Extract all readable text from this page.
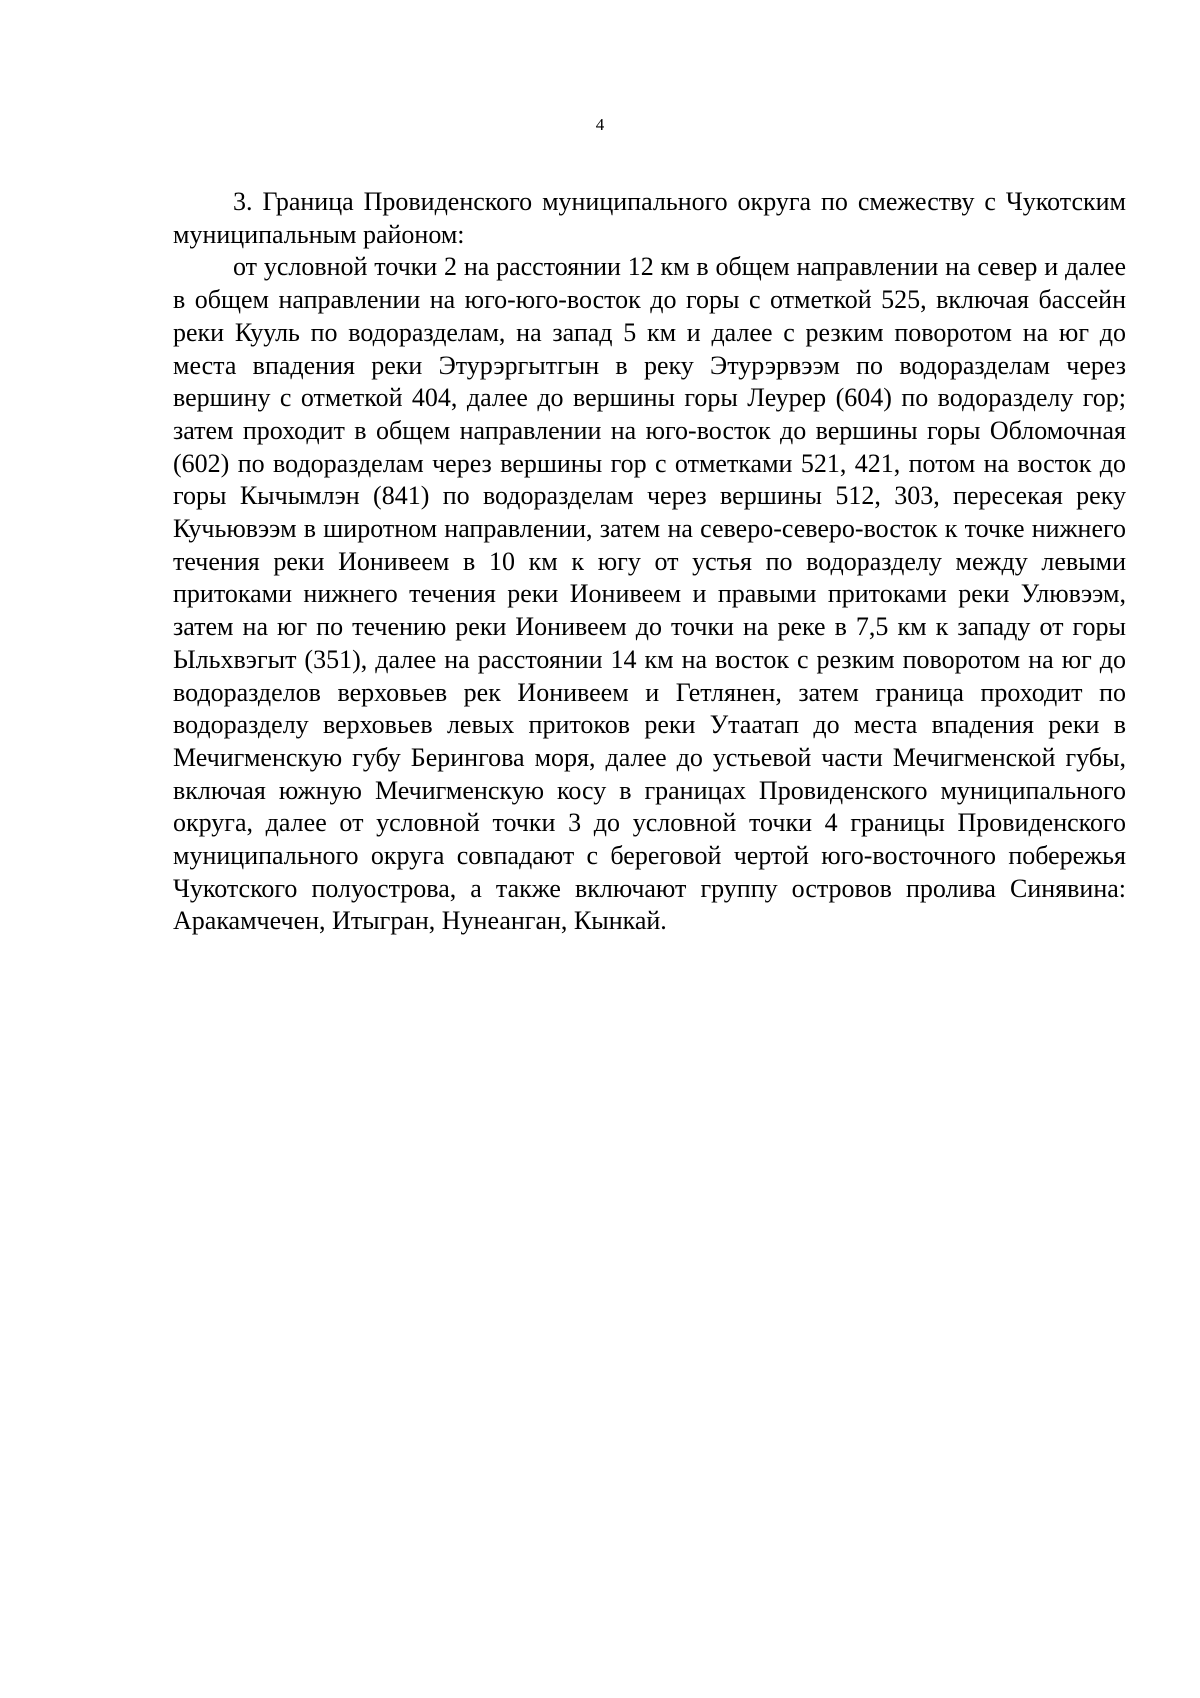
4

3. Граница Провиденского муниципального округа по смежеству с Чукотским муниципальным районом:

от условной точки 2 на расстоянии 12 км в общем направлении на север и далее в общем направлении на юго-юго-восток до горы с отметкой 525, включая бассейн реки Кууль по водоразделам, на запад 5 км и далее с резким поворотом на юг до места впадения реки Этурэргытгын в реку Этурэрвээм по водоразделам через вершину с отметкой 404, далее до вершины горы Леурер (604) по водоразделу гор; затем проходит в общем направлении на юго-восток до вершины горы Обломочная (602) по водоразделам через вершины гор с отметками 521, 421, потом на восток до горы Кычымлэн (841) по водоразделам через вершины 512, 303, пересекая реку Кучьювээм в широтном направлении, затем на северо-северо-восток к точке нижнего течения реки Ионивеем в 10 км к югу от устья по водоразделу между левыми притоками нижнего течения реки Ионивеем и правыми притоками реки Улювээм, затем на юг по течению реки Ионивеем до точки на реке в 7,5 км к западу от горы Ыльхвэгыт (351), далее на расстоянии 14 км на восток с резким поворотом на юг до водоразделов верховьев рек Ионивеем и Гетлянен, затем граница проходит по водоразделу верховьев левых притоков реки Утаатап до места впадения реки в Мечигменскую губу Берингова моря, далее до устьевой части Мечигменской губы, включая южную Мечигменскую косу в границах Провиденского муниципального округа, далее от условной точки 3 до условной точки 4 границы Провиденского муниципального округа совпадают с береговой чертой юго-восточного побережья Чукотского полуострова, а также включают группу островов пролива Синявина: Аракамчечен, Итыгран, Нунеанган, Кынкай.
